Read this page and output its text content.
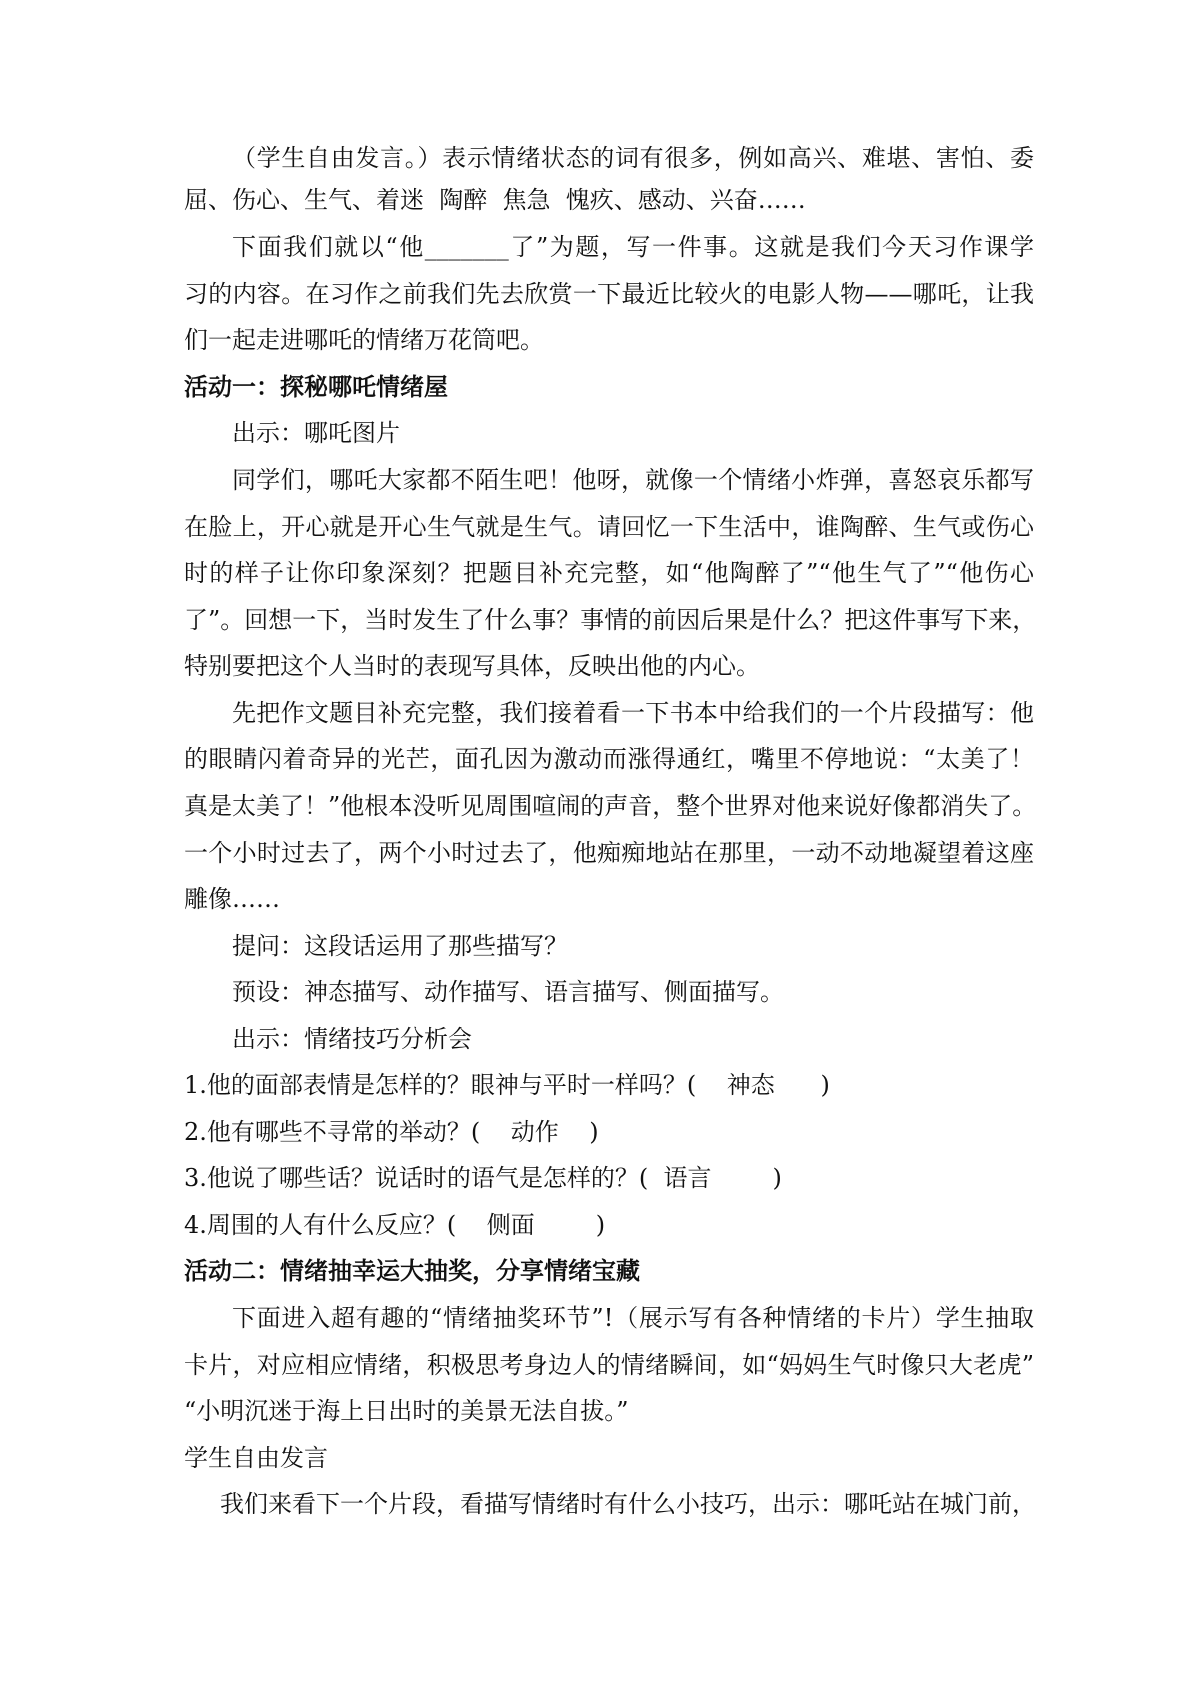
（学生自由发言。）表示情绪状态的词有很多，例如高兴、难堪、害怕、委
屈、伤心、生气、着迷  陶醉  焦急  愧疚、感动、兴奋……
下面我们就以“他_______了”为题，写一件事。这就是我们今天习作课学
习的内容。在习作之前我们先去欣赏一下最近比较火的电影人物——哪吒，让我
们一起走进哪吒的情绪万花筒吧。
活动一：探秘哪吒情绪屋
出示：哪吒图片
同学们，哪吒大家都不陌生吧！他呀，就像一个情绪小炸弹，喜怒哀乐都写
在脸上，开心就是开心生气就是生气。请回忆一下生活中，谁陶醉、生气或伤心
时的样子让你印象深刻？把题目补充完整，如“他陶醉了”“他生气了”“他伤心
了”。回想一下，当时发生了什么事？事情的前因后果是什么？把这件事写下来，
特别要把这个人当时的表现写具体，反映出他的内心。
先把作文题目补充完整，我们接着看一下书本中给我们的一个片段描写：他
的眼睛闪着奇异的光芒，面孔因为激动而涨得通红，嘴里不停地说：“太美了！
真是太美了！”他根本没听见周围喧闹的声音，整个世界对他来说好像都消失了。
一个小时过去了，两个小时过去了，他痴痴地站在那里，一动不动地凝望着这座
雕像……
提问：这段话运用了那些描写？
预设：神态描写、动作描写、语言描写、侧面描写。
出示：情绪技巧分析会
1.他的面部表情是怎样的？眼神与平时一样吗？(    神态      )
2.他有哪些不寻常的举动？(    动作    )
3.他说了哪些话？说话时的语气是怎样的？(  语言        )
4.周围的人有什么反应？(    侧面        )
活动二：情绪抽幸运大抽奖，分享情绪宝藏
下面进入超有趣的“情绪抽奖环节”!（展示写有各种情绪的卡片）学生抽取
卡片，对应相应情绪，积极思考身边人的情绪瞬间，如“妈妈生气时像只大老虎”
“小明沉迷于海上日出时的美景无法自拔。”
学生自由发言
我们来看下一个片段，看描写情绪时有什么小技巧，出示：哪吒站在城门前，
